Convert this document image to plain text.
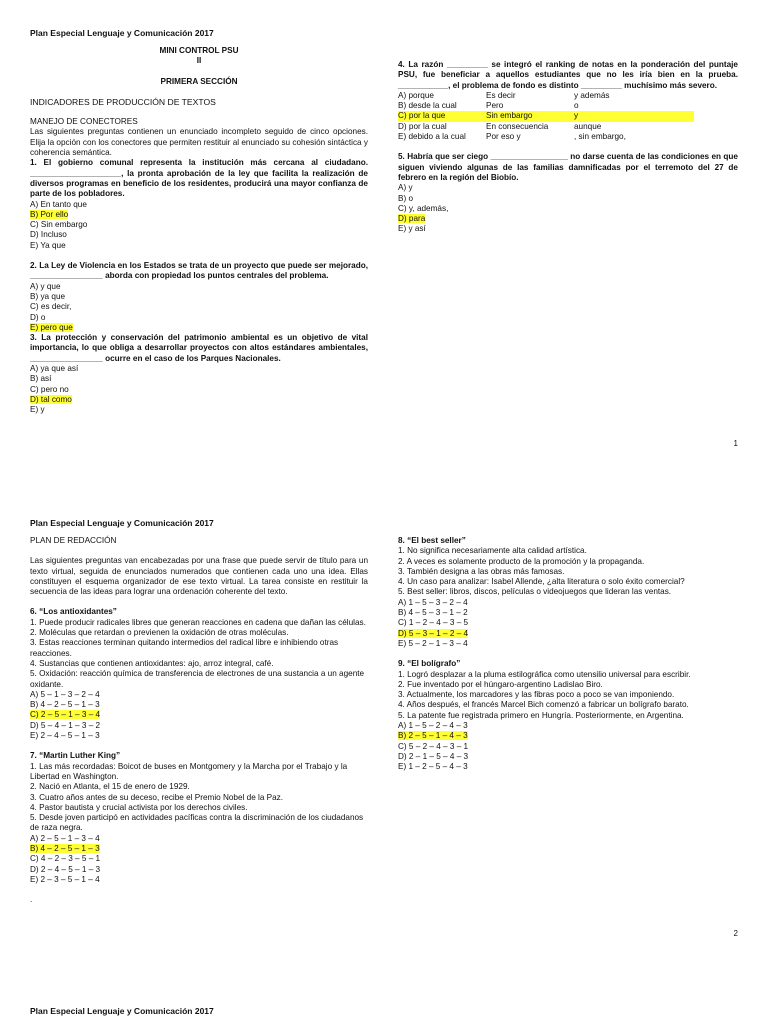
Plan Especial Lenguaje y Comunicación 2017

MINI CONTROL PSU

II

PRIMERA SECCIÓN

INDICADORES DE PRODUCCIÓN DE TEXTOS

MANEJO DE CONECTORES

Las siguientes preguntas contienen un enunciado incompleto seguido de cinco opciones. Elija la opción con los conectores que permiten restituir al enunciado su cohesión sintáctica y coherencia semántica.

1. El gobierno comunal representa la institución más cercana al ciudadano. ____________________, la pronta aprobación de la ley que facilita la realización de diversos programas en beneficio de los residentes, producirá una mayor confianza de parte de los pobladores.

A) En tanto que

B) Por ello

C) Sin embargo

D) Incluso

E) Ya que

2. La Ley de Violencia en los Estados se trata de un proyecto que puede ser mejorado, ________________ aborda con propiedad los puntos centrales del problema.

A) y que

B) ya que

C) es decir,

D) o

E) pero que

3. La protección y conservación del patrimonio ambiental es un objetivo de vital importancia, lo que obliga a desarrollar proyectos con altos estándares ambientales, ________________ ocurre en el caso de los Parques Nacionales.

A) ya que así

B) así

C) pero no

D) tal como

E) y

4. La razón _________ se integró el ranking de notas en la ponderación del puntaje PSU, fue beneficiar a aquellos estudiantes que no les iría bien en la prueba. ___________, el problema de fondo es distinto _________ muchísimo más severo.

A) porque	Es decir	y además
B) desde la cual	Pero	o
C) por la que	Sin embargo	y
D) por la cual	En consecuencia	aunque
E) debido a la cual	Por eso y	, sin embargo,

5. Habría que ser ciego _________________ no darse cuenta de las condiciones en que siguen viviendo algunas de las familias damnificadas por el terremoto del 27 de febrero en la región del Biobío.

A) y

B) o

C) y, además,

D) para

E) y así

1
Plan Especial Lenguaje y Comunicación 2017

PLAN DE REDACCIÓN

Las siguientes preguntas van encabezadas por una frase que puede servir de título para un texto virtual, seguida de enunciados numerados que contienen cada uno una idea. Ellas constituyen el esquema organizador de ese texto virtual. La tarea consiste en restituir la secuencia de las ideas para lograr una ordenación coherente del texto.

6. “Los antioxidantes”

1. Puede producir radicales libres que generan reacciones en cadena que dañan las células.

2. Moléculas que retardan o previenen la oxidación de otras moléculas.

3. Estas reacciones terminan quitando intermedios del radical libre e inhibiendo otras reacciones.

4. Sustancias que contienen antioxidantes: ajo, arroz integral, café.

5. Oxidación: reacción química de transferencia de electrones de una sustancia a un agente oxidante.

A) 5 – 1 – 3 – 2 – 4

B) 4 – 2 – 5 – 1 – 3

C) 2 – 5 – 1 – 3 – 4

D) 5 – 4 – 1 – 3 – 2

E) 2 – 4 – 5 – 1 – 3

7. “Martin Luther King”

1. Las más recordadas: Boicot de buses en Montgomery y la Marcha por el Trabajo y la Libertad en Washington.

2. Nació en Atlanta, el 15 de enero de 1929.

3. Cuatro años antes de su deceso, recibe el Premio Nobel de la Paz.

4. Pastor bautista y crucial activista por los derechos civiles.

5. Desde joven participó en actividades pacíficas contra la discriminación de los ciudadanos de raza negra.

A) 2 – 5 – 1 – 3 – 4

B) 4 – 2 – 5 – 1 – 3

C) 4 – 2 – 3 – 5 – 1

D) 2 – 4 – 5 – 1 – 3

E) 2 – 3 – 5 – 1 – 4

.

8. “El best seller”

1. No significa necesariamente alta calidad artística.

2. A veces es solamente producto de la promoción y la propaganda.

3. También designa a las obras más famosas.

4. Un caso para analizar: Isabel Allende, ¿alta literatura o solo éxito comercial?

5. Best seller: libros, discos, películas o videojuegos que lideran las ventas.

A) 1 – 5 – 3 – 2 – 4

B) 4 – 5 – 3 – 1 – 2

C) 1 – 2 – 4 – 3 – 5

D) 5 – 3 – 1 – 2 – 4

E) 5 – 2 – 1 – 3 – 4

9. “El bolígrafo”

1. Logró desplazar a la pluma estilográfica como utensilio universal para escribir.

2. Fue inventado por el húngaro-argentino Ladislao Biro.

3. Actualmente, los marcadores y las fibras poco a poco se van imponiendo.

4. Años después, el francés Marcel Bich comenzó a fabricar un bolígrafo barato.

5. La patente fue registrada primero en Hungría. Posteriormente, en Argentina.

A) 1 – 5 – 2 – 4 – 3

B) 2 – 5 – 1 – 4 – 3

C) 5 – 2 – 4 – 3 – 1

D) 2 – 1 – 5 – 4 – 3

E) 1 – 2 – 5 – 4 – 3

2
Plan Especial Lenguaje y Comunicación 2017
